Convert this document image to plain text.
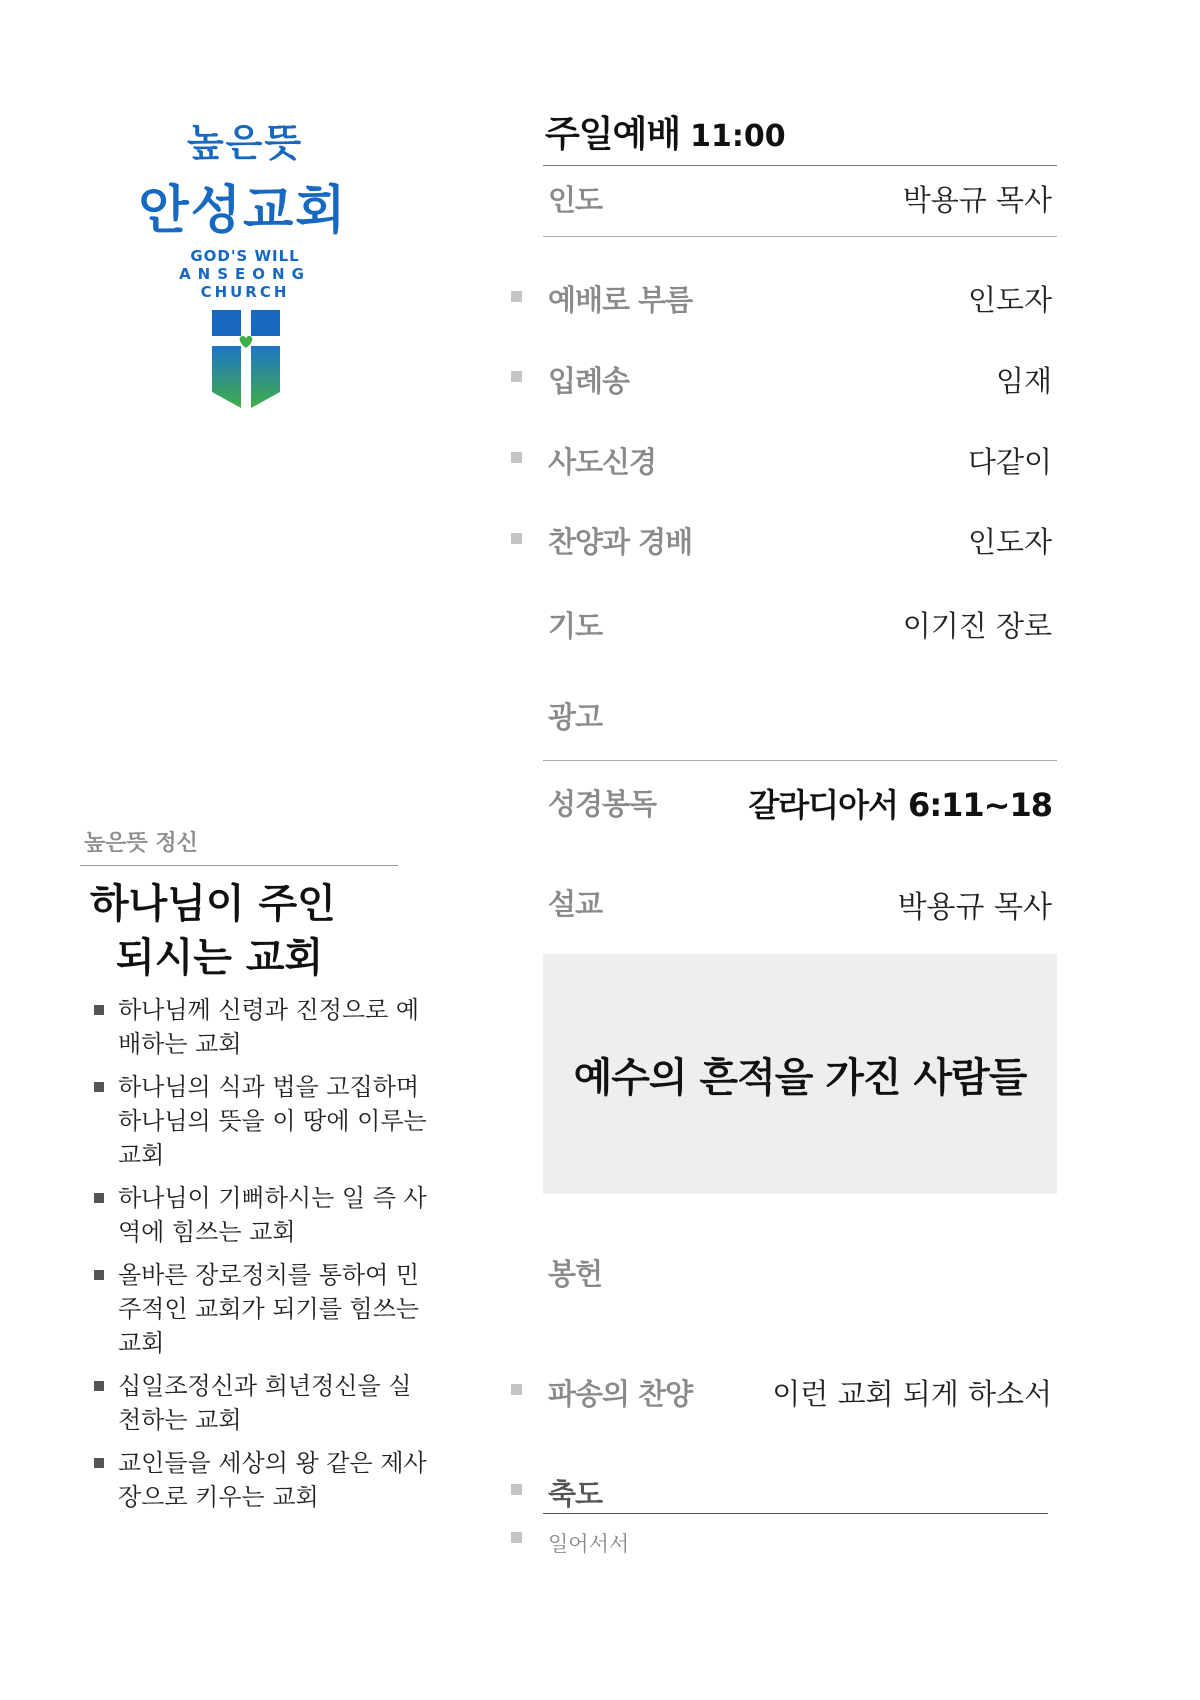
높은뜻
안성교회
GOD'S WILL
ANSEONG
CHURCH
높은뜻 정신
하나님이 주인
되시는 교회
하나님께 신령과 진정으로 예배하는 교회
하나님의 식과 법을 고집하며 하나님의 뜻을 이 땅에 이루는 교회
하나님이 기뻐하시는 일 즉 사역에 힘쓰는 교회
올바른 장로정치를 통하여 민주적인 교회가 되기를 힘쓰는 교회
십일조정신과 희년정신을 실천하는 교회
교인들을 세상의 왕 같은 제사장으로 키우는 교회
주일예배 11:00
인도	박용규 목사
예배로 부름	인도자
입례송	임재
사도신경	다같이
찬양과 경배	인도자
기도	이기진 장로
광고
성경봉독	갈라디아서 6:11~18
설교	박용규 목사
예수의 흔적을 가진 사람들
봉헌
파송의 찬양	이런 교회 되게 하소서
축도
일어서서
